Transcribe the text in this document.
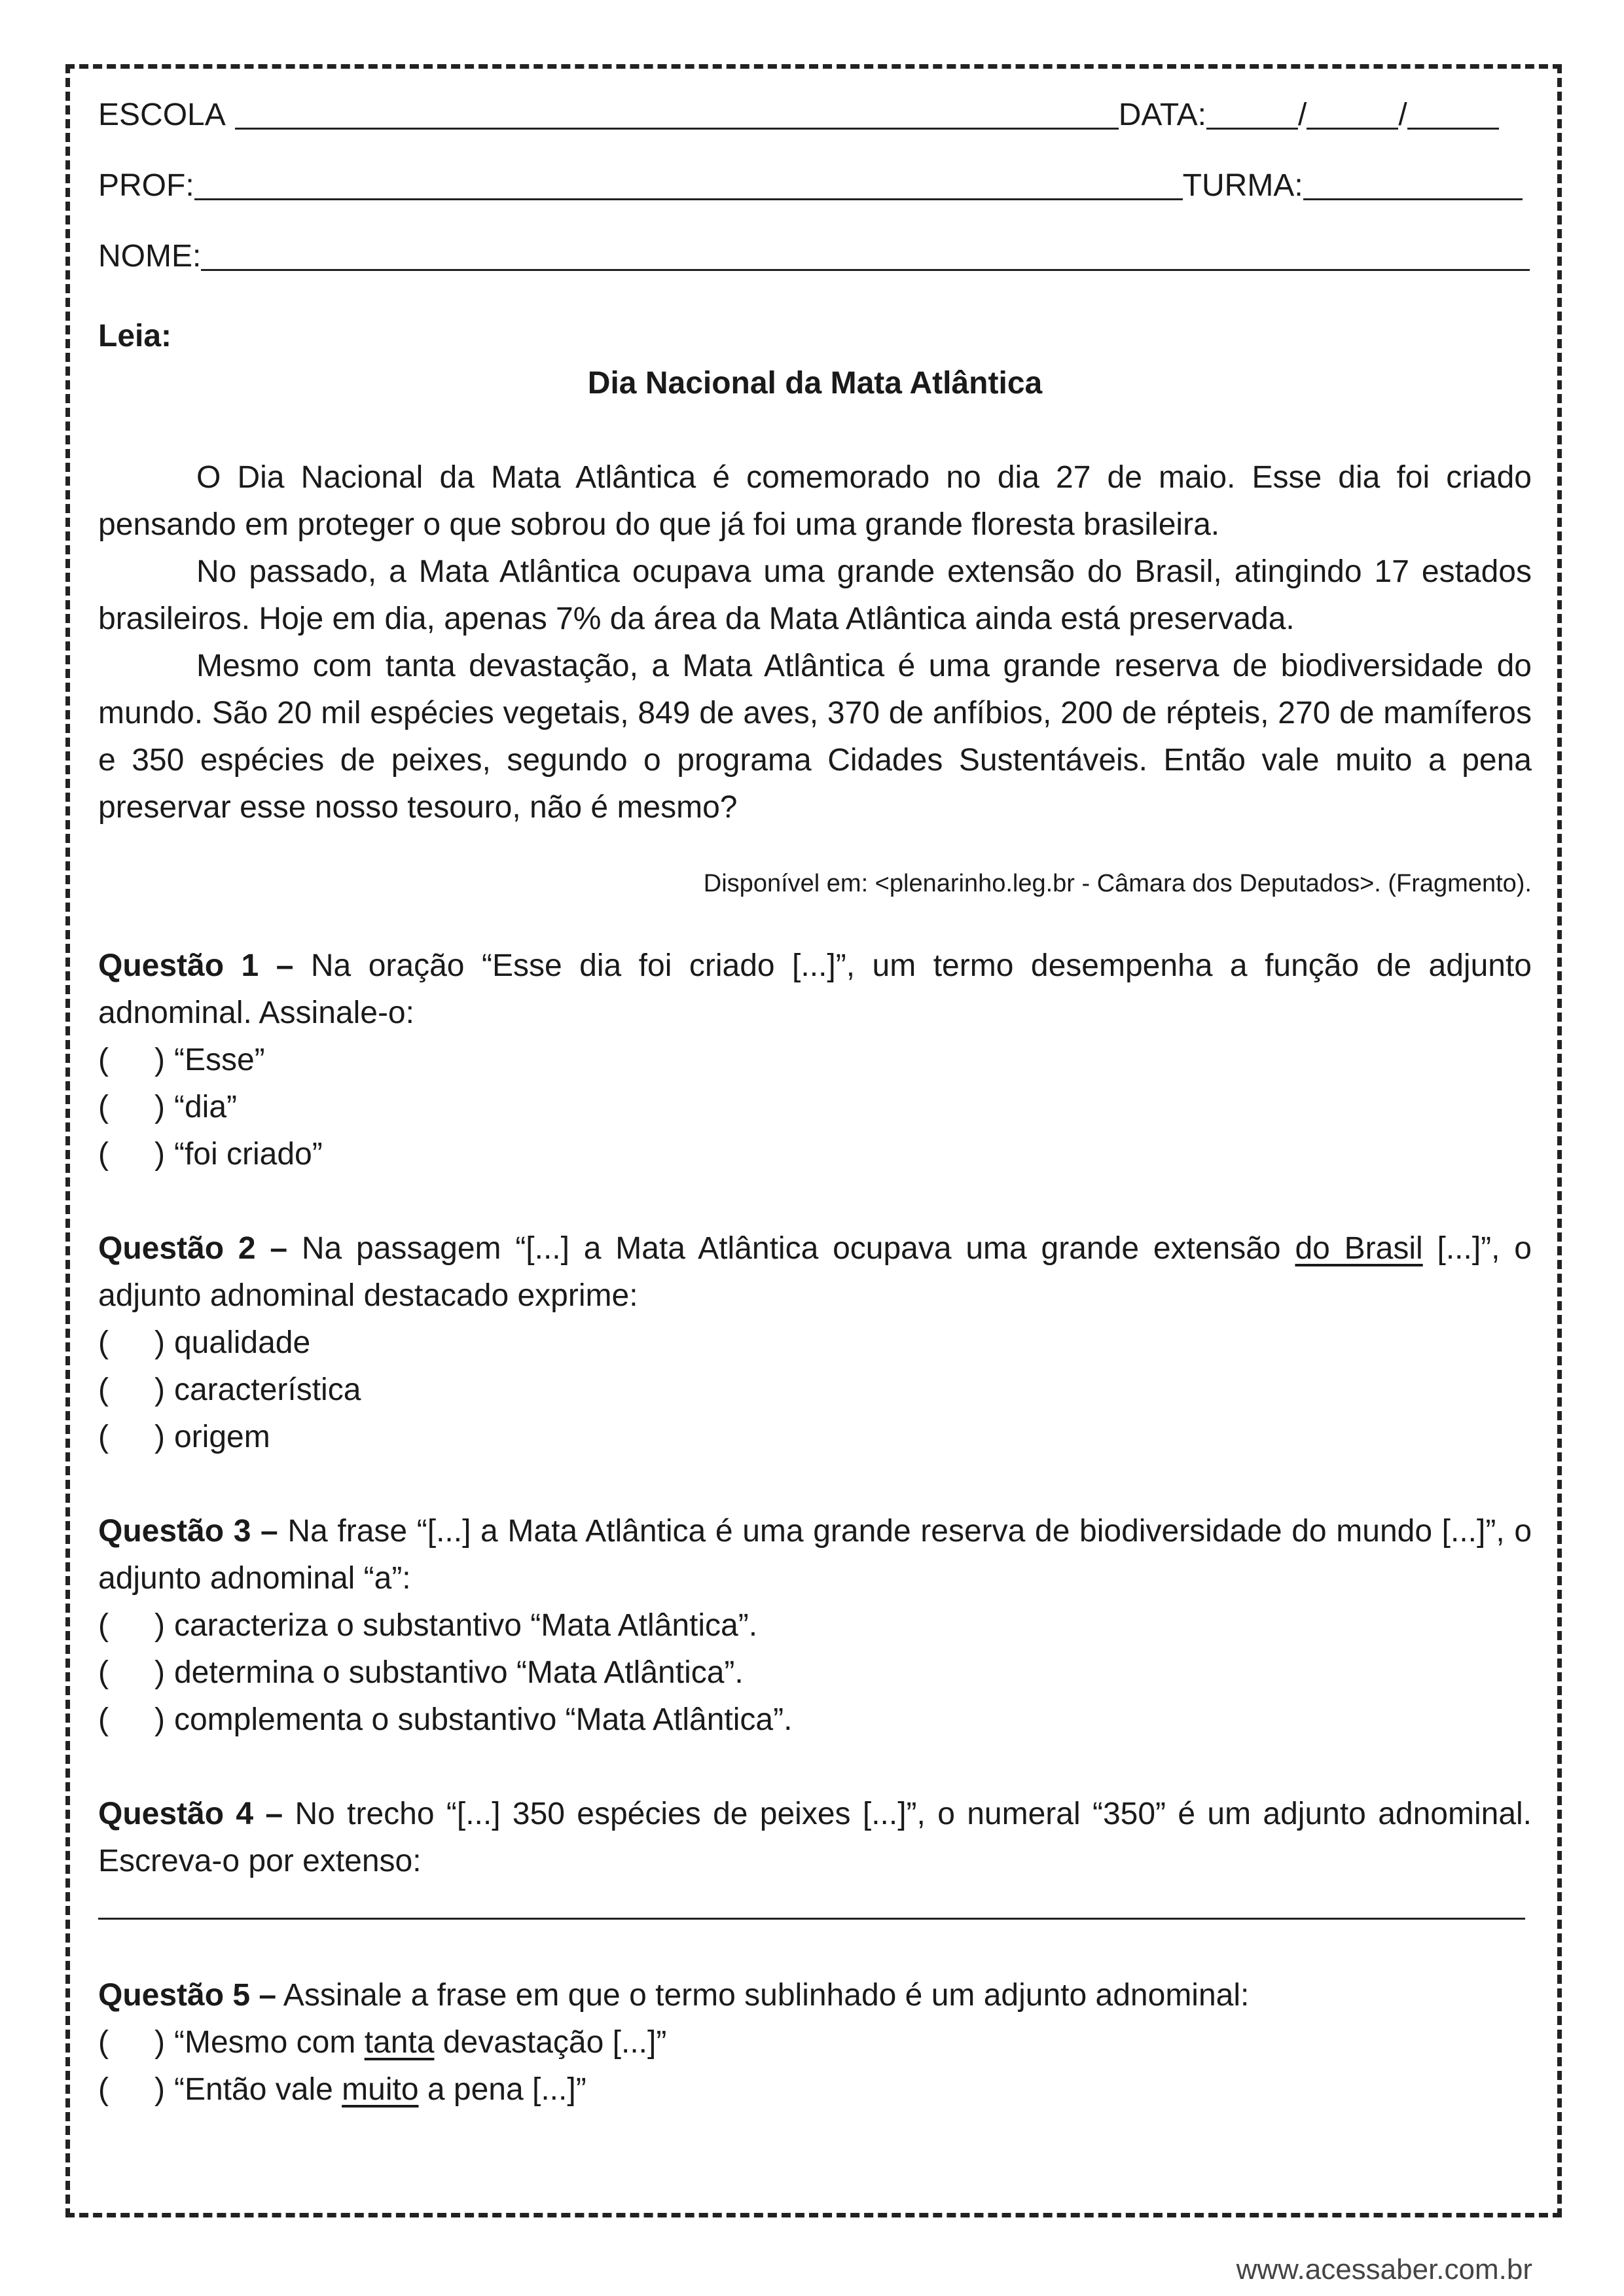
ESCOLA	DATA:	/	/
PROF:	TURMA:
NOME:

Leia:

Dia Nacional da Mata Atlântica

O Dia Nacional da Mata Atlântica é comemorado no dia 27 de maio. Esse dia foi criado pensando em proteger o que sobrou do que já foi uma grande floresta brasileira.

No passado, a Mata Atlântica ocupava uma grande extensão do Brasil, atingindo 17 estados brasileiros. Hoje em dia, apenas 7% da área da Mata Atlântica ainda está preservada.

Mesmo com tanta devastação, a Mata Atlântica é uma grande reserva de biodiversidade do mundo. São 20 mil espécies vegetais, 849 de aves, 370 de anfíbios, 200 de répteis, 270 de mamíferos e 350 espécies de peixes, segundo o programa Cidades Sustentáveis. Então vale muito a pena preservar esse nosso tesouro, não é mesmo?

Disponível em: <plenarinho.leg.br - Câmara dos Deputados>. (Fragmento).

Questão 1 – Na oração “Esse dia foi criado [...]”, um termo desempenha a função de adjunto adnominal. Assinale-o:

(	) “Esse”
(	) “dia”
(	) “foi criado”

Questão 2 – Na passagem “[...] a Mata Atlântica ocupava uma grande extensão do Brasil [...]”, o adjunto adnominal destacado exprime:

(	) qualidade
(	) característica
(	) origem

Questão 3 – Na frase “[...] a Mata Atlântica é uma grande reserva de biodiversidade do mundo [...]”, o adjunto adnominal “a”:

(	) caracteriza o substantivo “Mata Atlântica”.
(	) determina o substantivo “Mata Atlântica”.
(	) complementa o substantivo “Mata Atlântica”.

Questão 4 – No trecho “[...] 350 espécies de peixes [...]”, o numeral “350” é um adjunto adnominal. Escreva-o por extenso:

Questão 5 – Assinale a frase em que o termo sublinhado é um adjunto adnominal:

(	) “Mesmo com tanta devastação [...]”
(	) “Então vale muito a pena [...]”
www.acessaber.com.br
